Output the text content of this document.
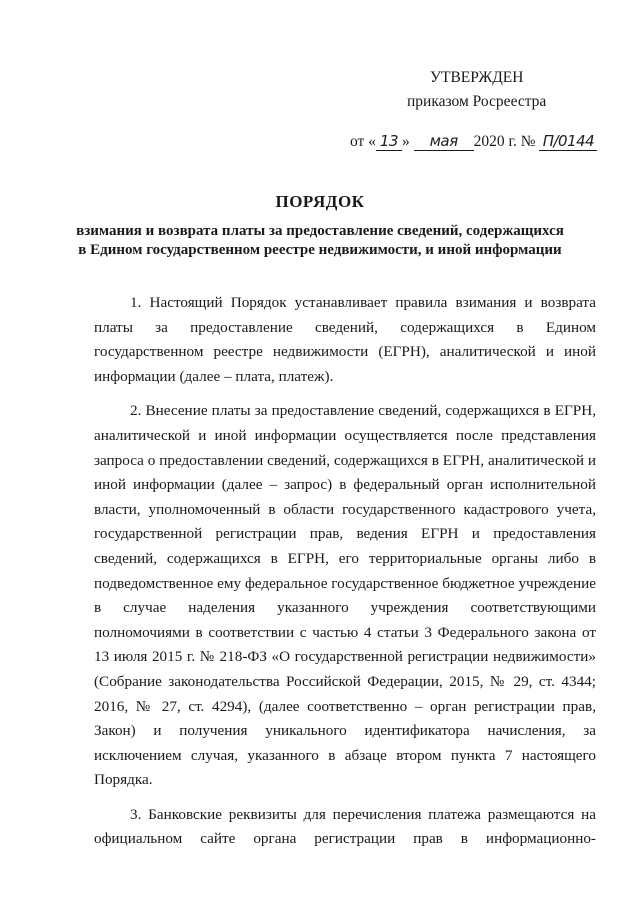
УТВЕРЖДЕН
приказом Росреестра
от « 13 » мая 2020 г. № П/0144
ПОРЯДОК
взимания и возврата платы за предоставление сведений, содержащихся
в Едином государственном реестре недвижимости, и иной информации

1. Настоящий Порядок устанавливает правила взимания и возврата платы за предоставление сведений, содержащихся в Едином государственном реестре недвижимости (ЕГРН), аналитической и иной информации (далее – плата, платеж).

2. Внесение платы за предоставление сведений, содержащихся в ЕГРН, аналитической и иной информации осуществляется после представления запроса о предоставлении сведений, содержащихся в ЕГРН, аналитической и иной информации (далее – запрос) в федеральный орган исполнительной власти, уполномоченный в области государственного кадастрового учета, государственной регистрации прав, ведения ЕГРН и предоставления сведений, содержащихся в ЕГРН, его территориальные органы либо в подведомственное ему федеральное государственное бюджетное учреждение в случае наделения указанного учреждения соответствующими полномочиями в соответствии с частью 4 статьи 3 Федерального закона от 13 июля 2015 г. № 218-ФЗ «О государственной регистрации недвижимости» (Собрание законодательства Российской Федерации, 2015, № 29, ст. 4344; 2016, № 27, ст. 4294), (далее соответственно – орган регистрации прав, Закон) и получения уникального идентификатора начисления, за исключением случая, указанного в абзаце втором пункта 7 настоящего Порядка.

3. Банковские реквизиты для перечисления платежа размещаются на официальном сайте органа регистрации прав в информационно-
